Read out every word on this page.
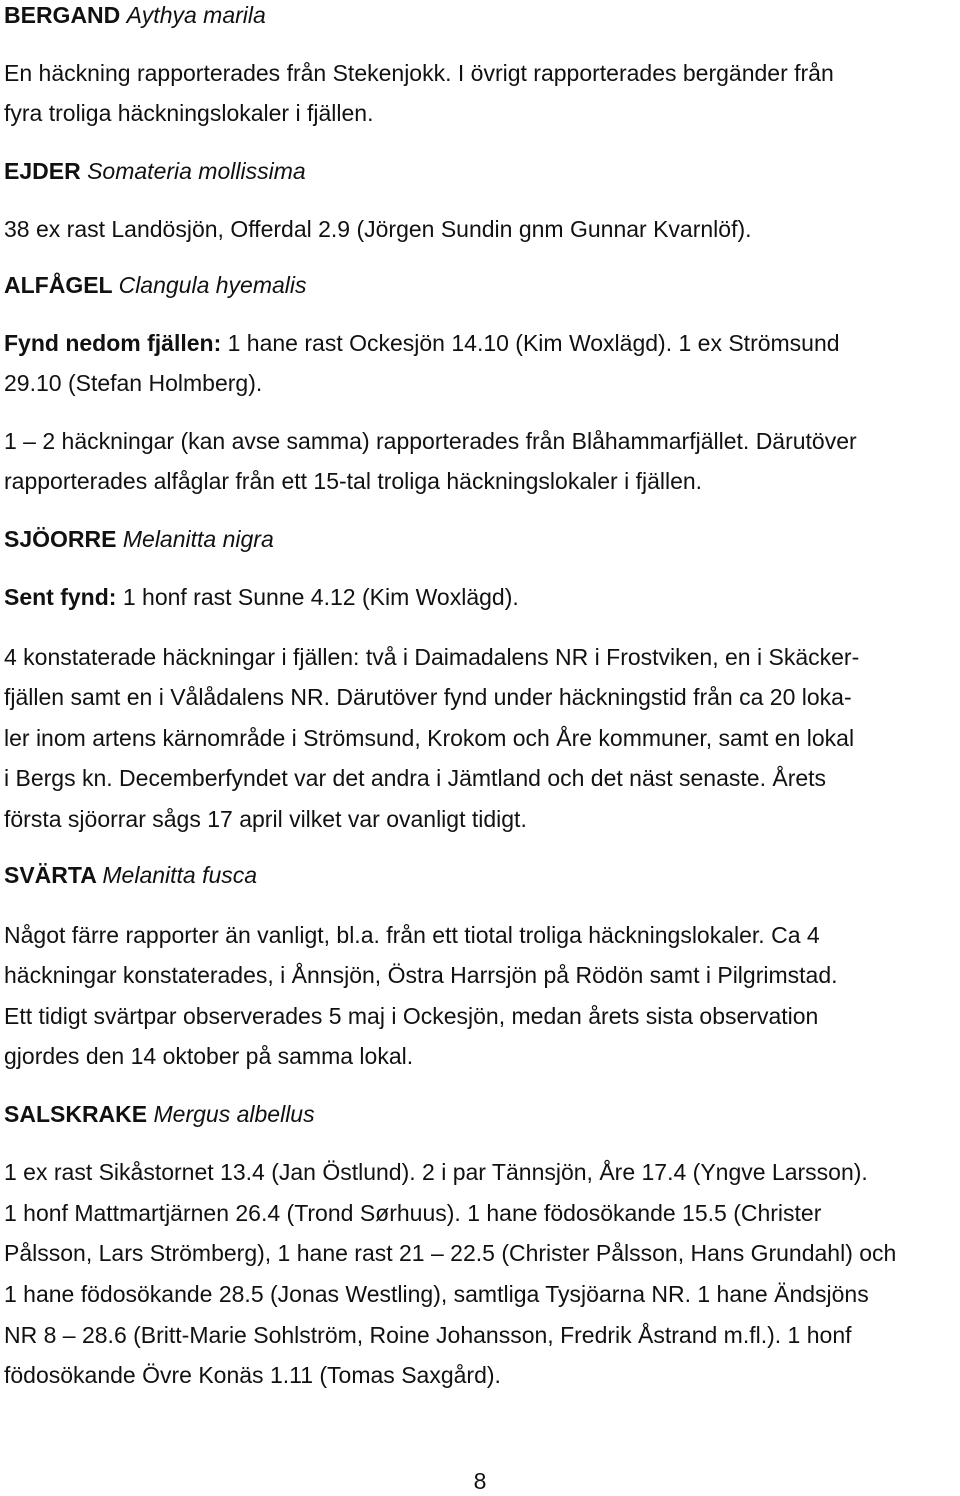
BERGAND Aythya marila
En häckning rapporterades från Stekenjokk. I övrigt rapporterades bergänder från
fyra troliga häckningslokaler i fjällen.
EJDER Somateria mollissima
38 ex rast Landösjön, Offerdal 2.9 (Jörgen Sundin gnm Gunnar Kvarnlöf).
ALFÅGEL Clangula hyemalis
Fynd nedom fjällen: 1 hane rast Ockesjön 14.10 (Kim Woxlägd). 1 ex Strömsund
29.10 (Stefan Holmberg).
1 – 2 häckningar (kan avse samma) rapporterades från Blåhammarfjället. Därutöver
rapporterades alfåglar från ett 15-tal troliga häckningslokaler i fjällen.
SJÖORRE Melanitta nigra
Sent fynd: 1 honf rast Sunne 4.12 (Kim Woxlägd).
4 konstaterade häckningar i fjällen: två i Daimadalens NR i Frostviken, en i Skäcker-
fjällen samt en i Vålådalens NR. Därutöver fynd under häckningstid från ca 20 loka-
ler inom artens kärnområde i Strömsund, Krokom och Åre kommuner, samt en lokal
i Bergs kn. Decemberfyndet var det andra i Jämtland och det näst senaste. Årets
första sjöorrar sågs 17 april vilket var ovanligt tidigt.
SVÄRTA Melanitta fusca
Något färre rapporter än vanligt, bl.a. från ett tiotal troliga häckningslokaler. Ca 4
häckningar konstaterades, i Ånnsjön, Östra Harrsjön på Rödön samt i Pilgrimstad.
Ett tidigt svärtpar observerades 5 maj i Ockesjön, medan årets sista observation
gjordes den 14 oktober på samma lokal.
SALSKRAKE Mergus albellus
1 ex rast Sikåstornet 13.4 (Jan Östlund). 2 i par Tännsjön, Åre 17.4 (Yngve Larsson).
1 honf Mattmartjärnen 26.4 (Trond Sørhuus). 1 hane födosökande 15.5 (Christer
Pålsson, Lars Strömberg), 1 hane rast 21 – 22.5 (Christer Pålsson, Hans Grundahl) och
1 hane födosökande 28.5 (Jonas Westling), samtliga Tysjöarna NR. 1 hane Ändsjöns
NR 8 – 28.6 (Britt-Marie Sohlström, Roine Johansson, Fredrik Åstrand m.fl.). 1 honf
födosökande Övre Konäs 1.11 (Tomas Saxgård).
8
